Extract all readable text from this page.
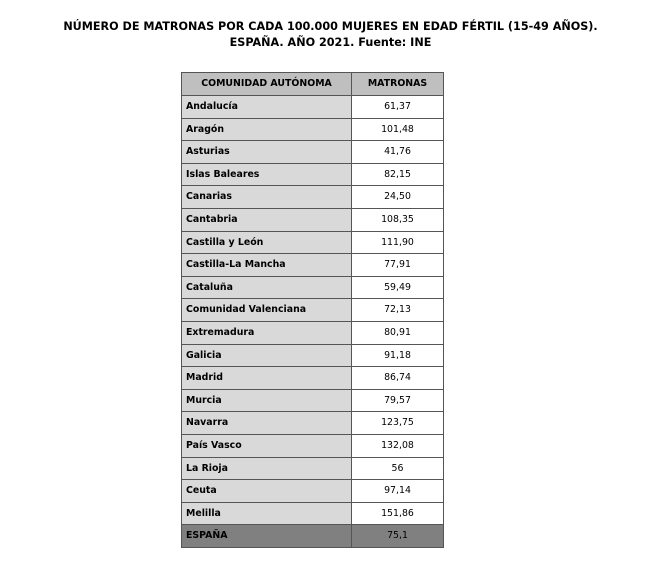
NÚMERO DE MATRONAS POR CADA 100.000 MUJERES EN EDAD FÉRTIL (15-49 AÑOS).
ESPAÑA. AÑO 2021. Fuente: INE
COMUNIDAD AUTÓNOMA	MATRONAS
Andalucía	61,37
Aragón	101,48
Asturias	41,76
Islas Baleares	82,15
Canarias	24,50
Cantabria	108,35
Castilla y León	111,90
Castilla-La Mancha	77,91
Cataluña	59,49
Comunidad Valenciana	72,13
Extremadura	80,91
Galicia	91,18
Madrid	86,74
Murcia	79,57
Navarra	123,75
País Vasco	132,08
La Rioja	56
Ceuta	97,14
Melilla	151,86
ESPAÑA	75,1
